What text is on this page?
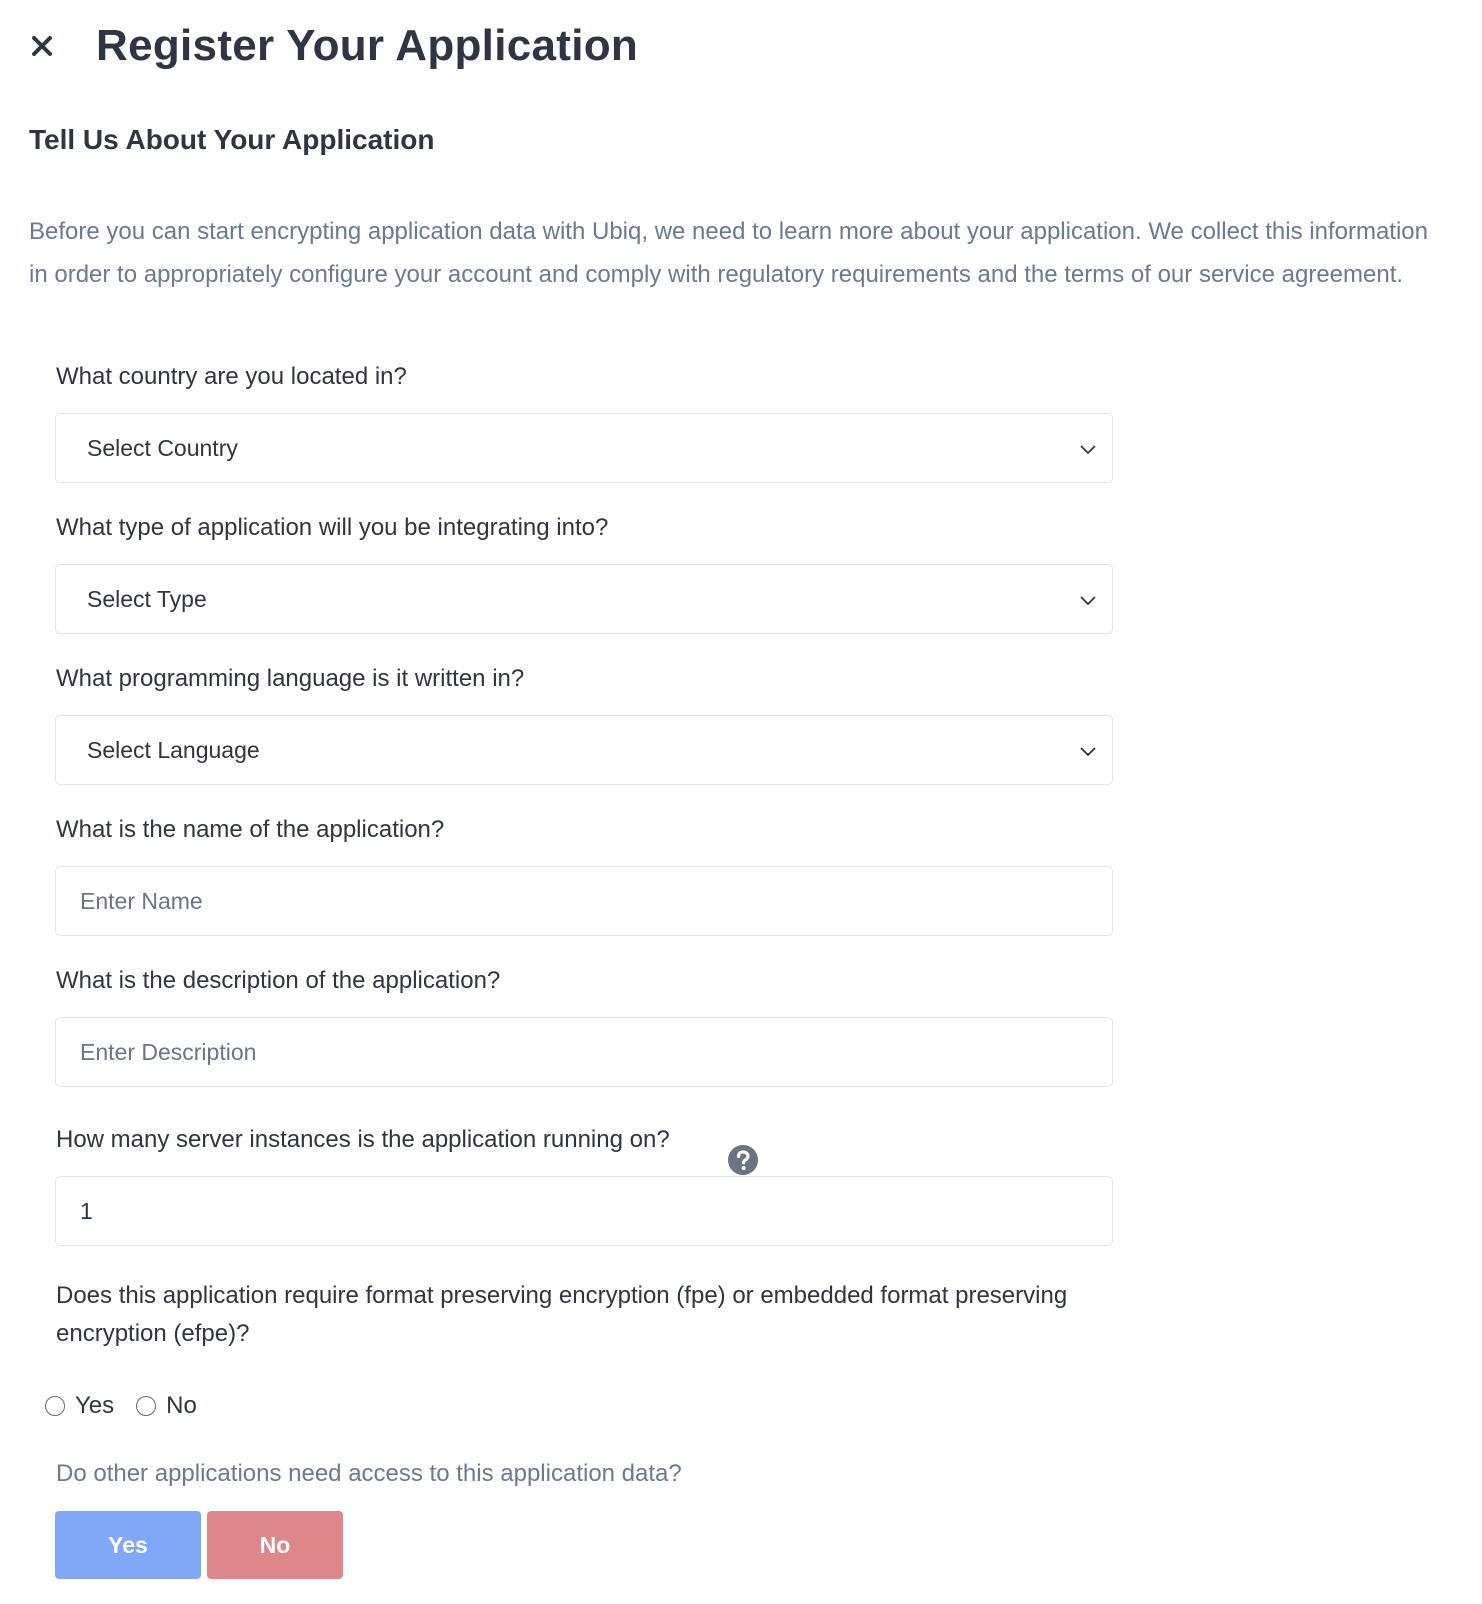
Register Your Application
Tell Us About Your Application
Before you can start encrypting application data with Ubiq, we need to learn more about your application. We collect this information in order to appropriately configure your account and comply with regulatory requirements and the terms of our service agreement.
What country are you located in?
Select Country
What type of application will you be integrating into?
Select Type
What programming language is it written in?
Select Language
What is the name of the application?
Enter Name
What is the description of the application?
Enter Description
How many server instances is the application running on?
1
Does this application require format preserving encryption (fpe) or embedded format preserving encryption (efpe)?
Yes No
Do other applications need access to this application data?
Yes	No
